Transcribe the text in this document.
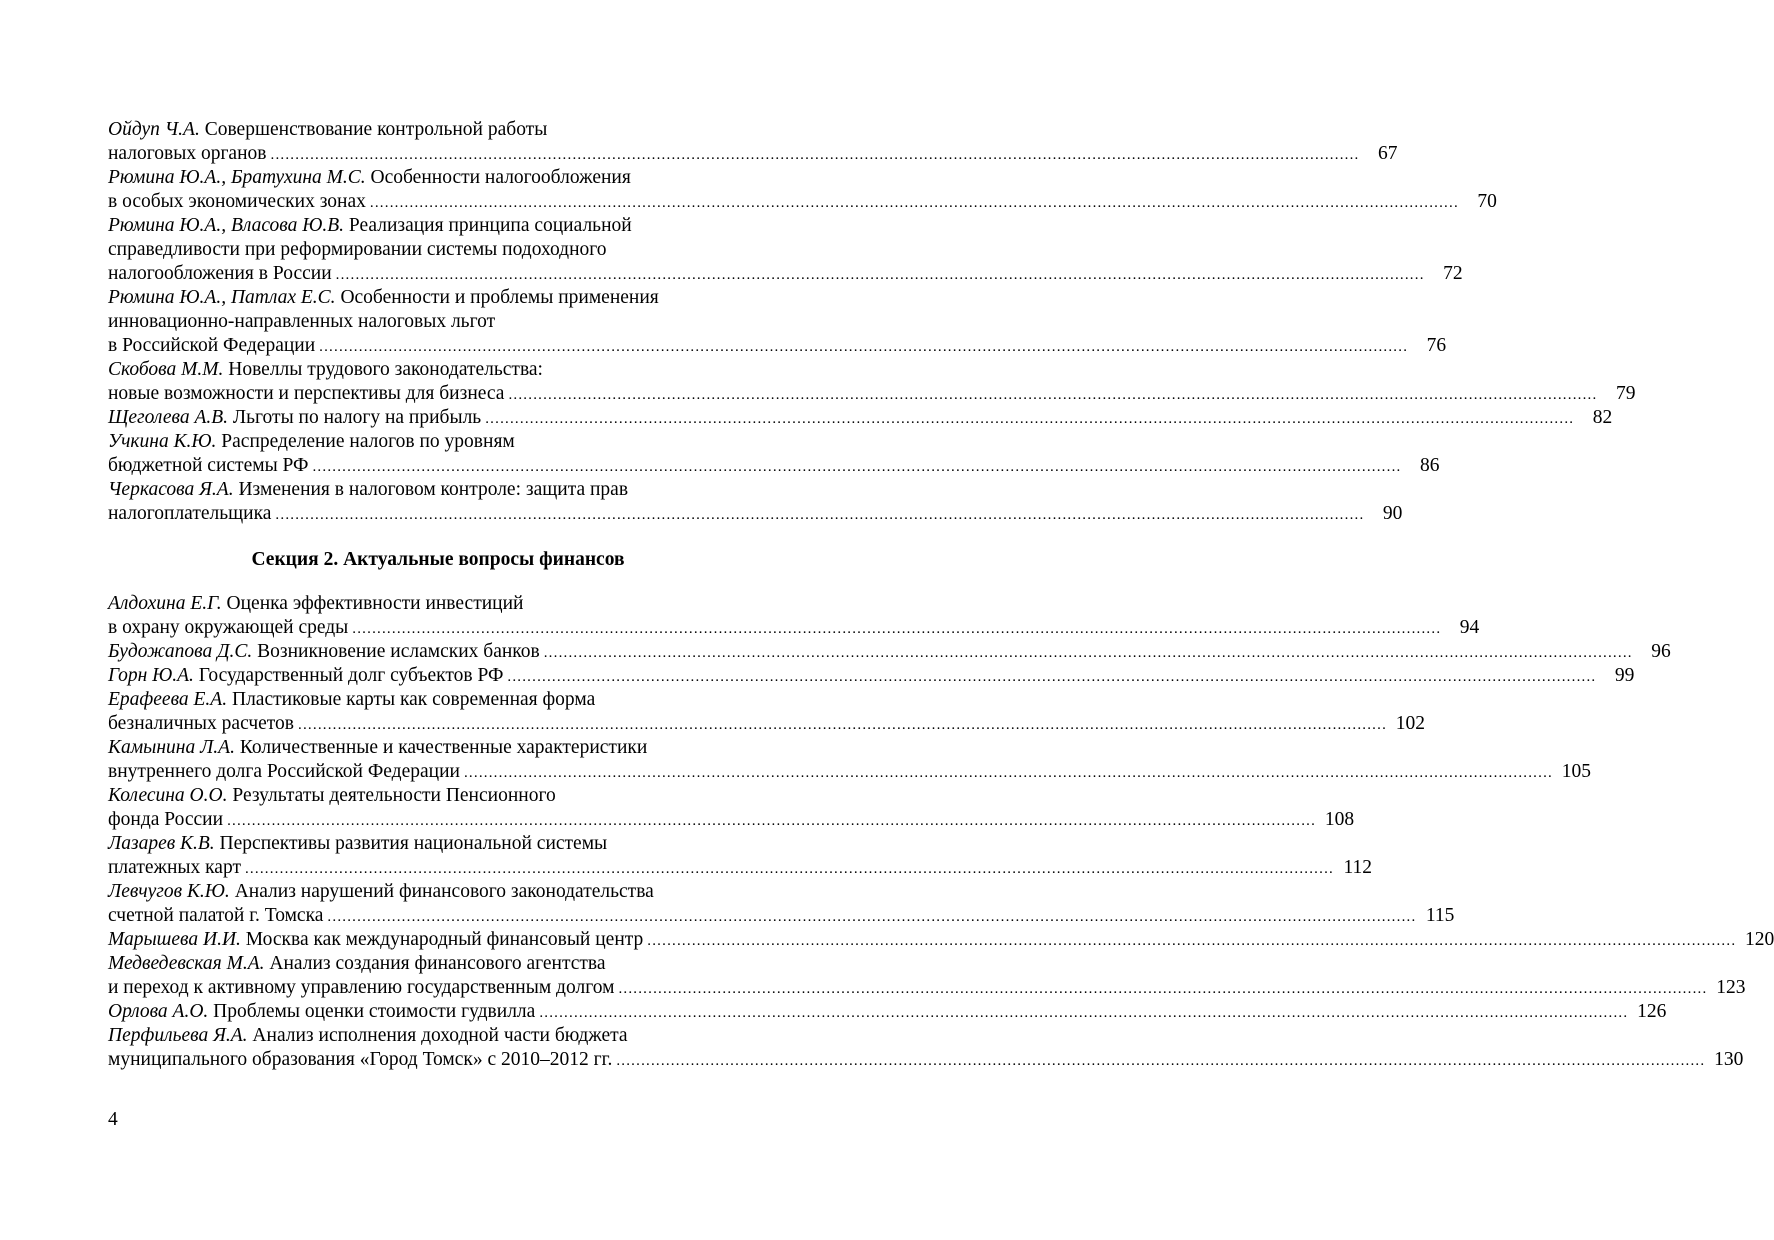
Ойдуп Ч.А. Совершенствование контрольной работы
налоговых органов ............................................................................................................................................................................................................................ 67
Рюмина Ю.А., Братухина М.С. Особенности налогообложения
в особых экономических зонах ............................................................................................................................................................................................................................ 70
Рюмина Ю.А., Власова Ю.В. Реализация принципа социальной
справедливости при реформировании системы подоходного
налогообложения в России ............................................................................................................................................................................................................................ 72
Рюмина Ю.А., Патлах Е.С. Особенности и проблемы применения
инновационно-направленных налоговых льгот
в Российской Федерации ............................................................................................................................................................................................................................ 76
Скобова М.М. Новеллы трудового законодательства:
новые возможности и перспективы для бизнеса ............................................................................................................................................................................................................................ 79
Щеголева А.В. Льготы по налогу на прибыль ............................................................................................................................................................................................................................ 82
Учкина К.Ю. Распределение налогов по уровням
бюджетной системы РФ ............................................................................................................................................................................................................................ 86
Черкасова Я.А. Изменения в налоговом контроле: защита прав
налогоплательщика ............................................................................................................................................................................................................................ 90
Секция 2. Актуальные вопросы финансов
Алдохина Е.Г. Оценка эффективности инвестиций
в охрану окружающей среды ............................................................................................................................................................................................................................ 94
Будожапова Д.С. Возникновение исламских банков ............................................................................................................................................................................................................................ 96
Горн Ю.А. Государственный долг субъектов РФ ............................................................................................................................................................................................................................ 99
Ерафеева Е.А. Пластиковые карты как современная форма
безналичных расчетов ............................................................................................................................................................................................................................ 102
Камынина Л.А. Количественные и качественные характеристики
внутреннего долга Российской Федерации ............................................................................................................................................................................................................................ 105
Колесина О.О. Результаты деятельности Пенсионного
фонда России ............................................................................................................................................................................................................................ 108
Лазарев К.В. Перспективы развития национальной системы
платежных карт ............................................................................................................................................................................................................................ 112
Левчугов К.Ю. Анализ нарушений финансового законодательства
счетной палатой г. Томска ............................................................................................................................................................................................................................ 115
Марышева И.И. Москва как международный финансовый центр ............................................................................................................................................................................................................................ 120
Медведевская М.А. Анализ создания финансового агентства
и переход к активному управлению государственным долгом ............................................................................................................................................................................................................................ 123
Орлова А.О. Проблемы оценки стоимости гудвилла ............................................................................................................................................................................................................................ 126
Перфильева Я.А. Анализ исполнения доходной части бюджета
муниципального образования «Город Томск» с 2010–2012 гг. ............................................................................................................................................................................................................................ 130
4
